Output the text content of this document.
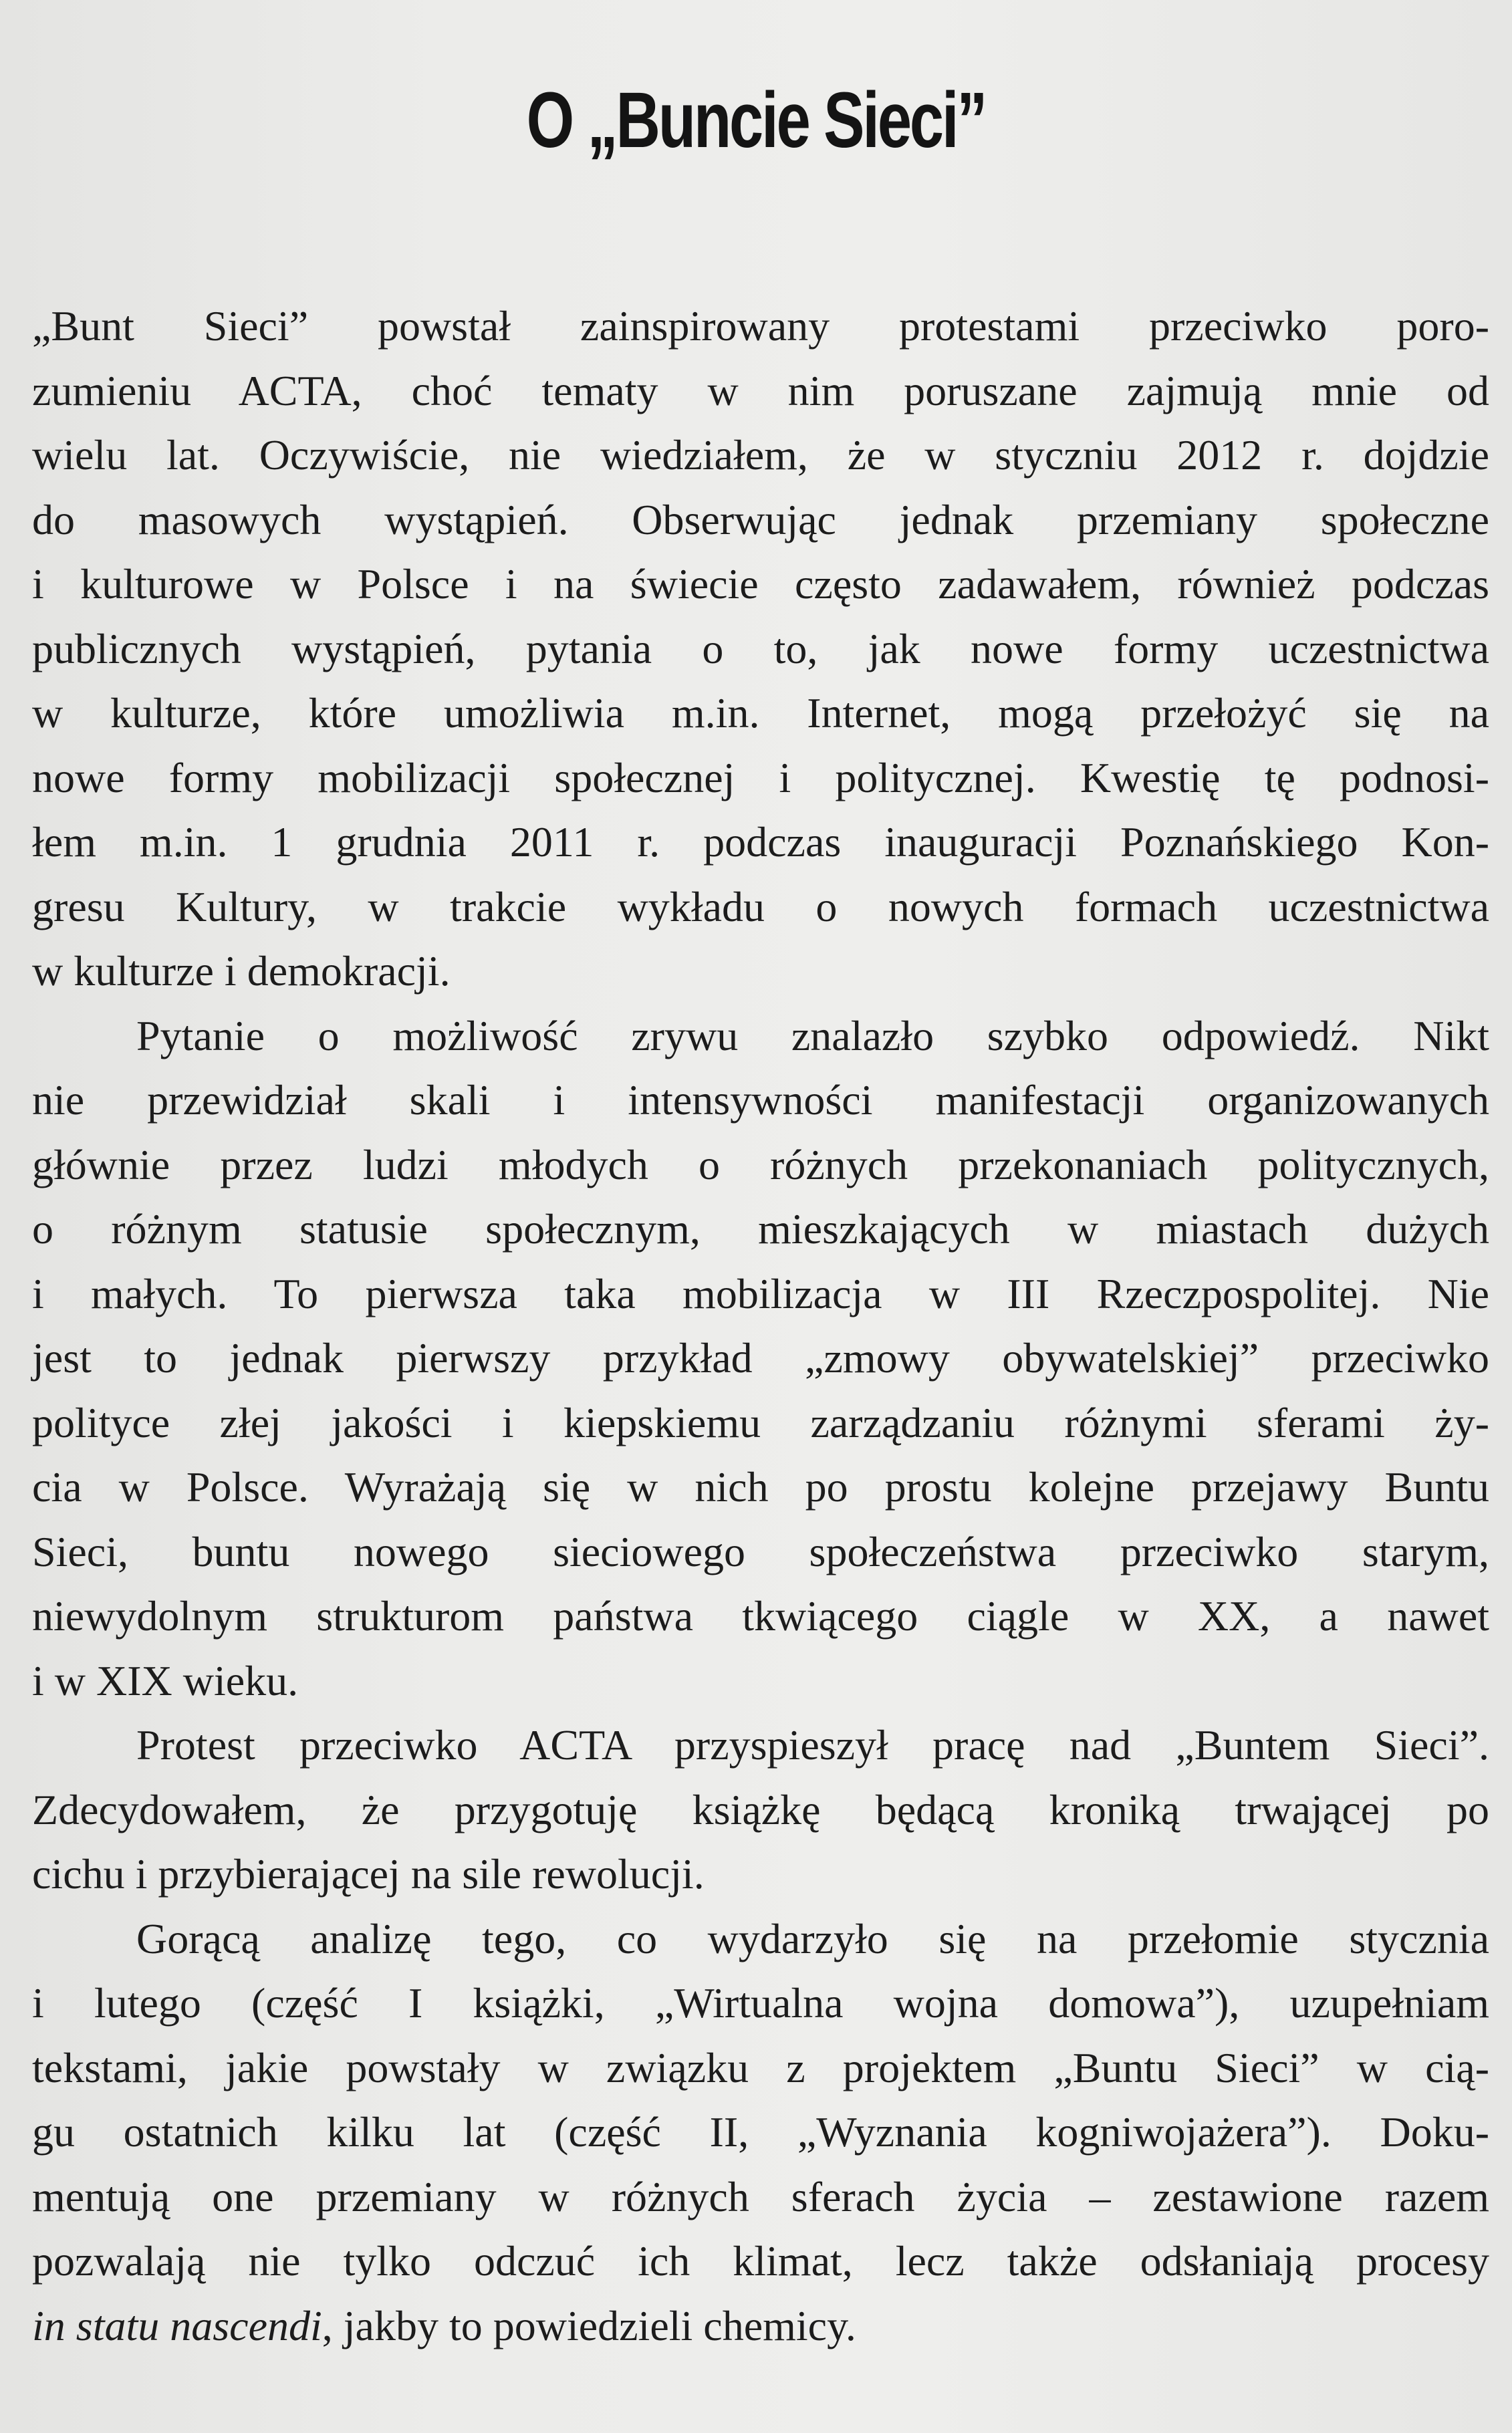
O „Buncie Sieci”
„Bunt Sieci” powstał zainspirowany protestami przeciwko poro-
zumieniu ACTA, choć tematy w nim poruszane zajmują mnie od
wielu lat. Oczywiście, nie wiedziałem, że w styczniu 2012 r. dojdzie
do masowych wystąpień. Obserwując jednak przemiany społeczne
i kulturowe w Polsce i na świecie często zadawałem, również podczas
publicznych wystąpień, pytania o to, jak nowe formy uczestnictwa
w kulturze, które umożliwia m.in. Internet, mogą przełożyć się na
nowe formy mobilizacji społecznej i politycznej. Kwestię tę podnosi-
łem m.in. 1 grudnia 2011 r. podczas inauguracji Poznańskiego Kon-
gresu Kultury, w trakcie wykładu o nowych formach uczestnictwa
w kulturze i demokracji.
Pytanie o możliwość zrywu znalazło szybko odpowiedź. Nikt
nie przewidział skali i intensywności manifestacji organizowanych
głównie przez ludzi młodych o różnych przekonaniach politycznych,
o różnym statusie społecznym, mieszkających w miastach dużych
i małych. To pierwsza taka mobilizacja w III Rzeczpospolitej. Nie
jest to jednak pierwszy przykład „zmowy obywatelskiej” przeciwko
polityce złej jakości i kiepskiemu zarządzaniu różnymi sferami ży-
cia w Polsce. Wyrażają się w nich po prostu kolejne przejawy Buntu
Sieci, buntu nowego sieciowego społeczeństwa przeciwko starym,
niewydolnym strukturom państwa tkwiącego ciągle w XX, a nawet
i w XIX wieku.
Protest przeciwko ACTA przyspieszył pracę nad „Buntem Sieci”.
Zdecydowałem, że przygotuję książkę będącą kroniką trwającej po
cichu i przybierającej na sile rewolucji.
Gorącą analizę tego, co wydarzyło się na przełomie stycznia
i lutego (część I książki, „Wirtualna wojna domowa”), uzupełniam
tekstami, jakie powstały w związku z projektem „Buntu Sieci” w cią-
gu ostatnich kilku lat (część II, „Wyznania kogniwojażera”). Doku-
mentują one przemiany w różnych sferach życia – zestawione razem
pozwalają nie tylko odczuć ich klimat, lecz także odsłaniają procesy
in statu nascendi, jakby to powiedzieli chemicy.
